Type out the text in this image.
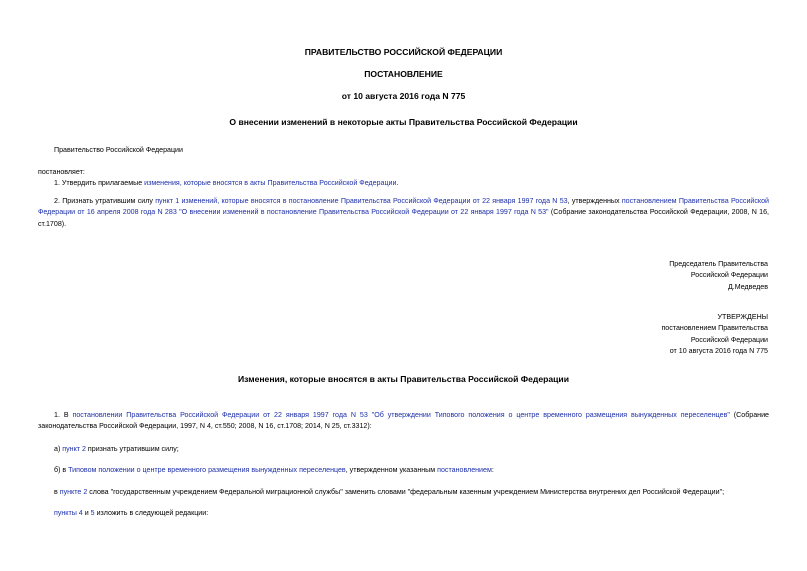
ПРАВИТЕЛЬСТВО РОССИЙСКОЙ ФЕДЕРАЦИИ
ПОСТАНОВЛЕНИЕ
от 10 августа 2016 года N 775
О внесении изменений в некоторые акты Правительства Российской Федерации
Правительство Российской Федерации
постановляет:
1. Утвердить прилагаемые изменения, которые вносятся в акты Правительства Российской Федерации.
2. Признать утратившим силу пункт 1 изменений, которые вносятся в постановление Правительства Российской Федерации от 22 января 1997 года N 53, утвержденных постановлением Правительства Российской Федерации от 16 апреля 2008 года N 283 "О внесении изменений в постановление Правительства Российской Федерации от 22 января 1997 года N 53" (Собрание законодательства Российской Федерации, 2008, N 16, ст.1708).
Председатель Правительства
Российской Федерации
Д.Медведев
УТВЕРЖДЕНЫ
постановлением Правительства
Российской Федерации
от 10 августа 2016 года N 775
Изменения, которые вносятся в акты Правительства Российской Федерации
1. В постановлении Правительства Российской Федерации от 22 января 1997 года N 53 "Об утверждении Типового положения о центре временного размещения вынужденных переселенцев" (Собрание законодательства Российской Федерации, 1997, N 4, ст.550; 2008, N 16, ст.1708; 2014, N 25, ст.3312):
а) пункт 2 признать утратившим силу;
б) в Типовом положении о центре временного размещения вынужденных переселенцев, утвержденном указанным постановлением:
в пункте 2 слова "государственным учреждением Федеральной миграционной службы" заменить словами "федеральным казенным учреждением Министерства внутренних дел Российской Федерации";
пункты 4 и 5 изложить в следующей редакции:
